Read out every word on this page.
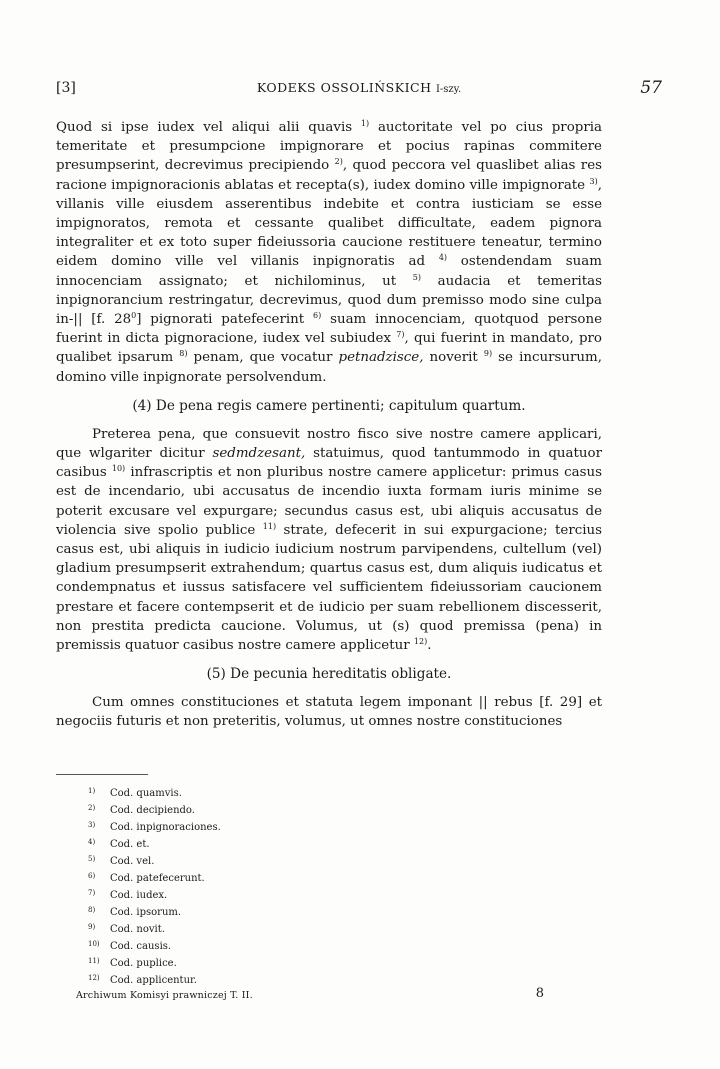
[3]	KODEKS OSSOLIŃSKICH I-szy.	57

Quod si ipse iudex vel aliqui alii quavis $^{1)}$ auctoritate vel po cius propria temeritate et presumpcione impignorare et pocius rapinas commitere presumpserint, decrevimus precipiendo $^{2)}$, quod peccora vel quaslibet alias res racione impignoracionis ablatas et recepta(s), iudex domino ville impignorate $^{3)}$, villanis ville eiusdem asserentibus indebite et contra iusticiam se esse impignoratos, remota et cessante qualibet difficultate, eadem pignora integraliter et ex toto super fideiussoria caucione restituere teneatur, termino eidem domino ville vel villanis inpignoratis ad $^{4)}$ ostendendam suam innocenciam assignato; et nichilominus, ut $^{5)}$ audacia et temeritas inpignorancium restringatur, decrevimus, quod dum premisso modo sine culpa in-|| [f. $28^0$] pignorati patefecerint $^{6)}$ suam innocenciam, quotquod persone fuerint in dicta pignoracione, iudex vel subiudex $^{7)}$, qui fuerint in mandato, pro qualibet ipsarum $^{8)}$ penam, que vocatur petnadzisce, noverit $^{9)}$ se incursurum, domino ville inpignorate persolvendum.

(4) De pena regis camere pertinenti; capitulum quartum.

Preterea pena, que consuevit nostro fisco sive nostre camere applicari, que wlgariter dicitur sedmdzesant, statuimus, quod tantummodo in quatuor casibus $^{10)}$ infrascriptis et non pluribus nostre camere applicetur: primus casus est de incendario, ubi accusatus de incendio iuxta formam iuris minime se poterit excusare vel expurgare; secundus casus est, ubi aliquis accusatus de violencia sive spolio publice $^{11)}$ strate, defecerit in sui expurgacione; tercius casus est, ubi aliquis in iudicio iudicium nostrum parvipendens, cultellum (vel) gladium presumpserit extrahendum; quartus casus est, dum aliquis iudicatus et condempnatus et iussus satisfacere vel sufficientem fideiussoriam caucionem prestare et facere contempserit et de iudicio per suam rebellionem discesserit, non prestita predicta caucione. Volumus, ut (s) quod premissa (pena) in premissis quatuor casibus nostre camere applicetur $^{12)}$.

(5) De pecunia hereditatis obligate.

Cum omnes constituciones et statuta legem imponant || rebus [f. 29] et negociis futuris et non preteritis, volumus, ut omnes nostre constituciones

$^{1)}$ Cod. quamvis.
$^{2)}$ Cod. decipiendo.
$^{3)}$ Cod. inpignoraciones.
$^{4)}$ Cod. et.
$^{5)}$ Cod. vel.
$^{6)}$ Cod. patefecerunt.
$^{7)}$ Cod. iudex.
$^{8)}$ Cod. ipsorum.
$^{9)}$ Cod. novit.
$^{10)}$ Cod. causis.
$^{11)}$ Cod. puplice.
$^{12)}$ Cod. applicentur.
Archiwum Komisyi prawniczej T. II.	8
